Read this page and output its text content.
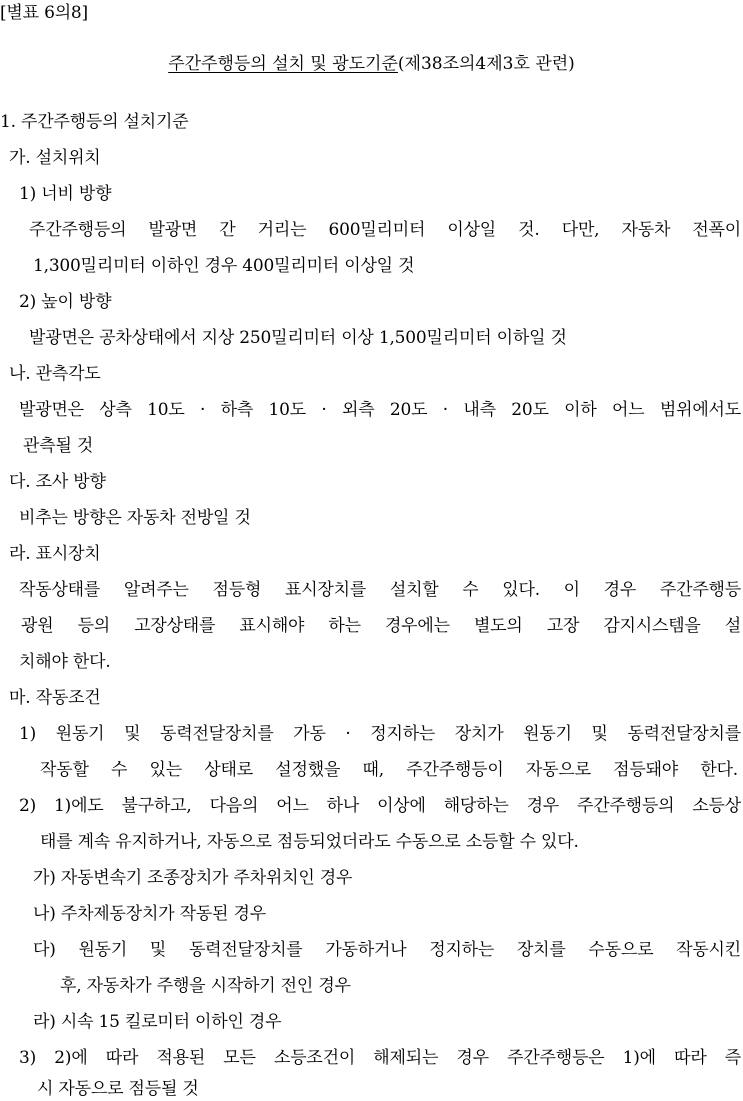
[별표 6의8]
주간주행등의 설치 및 광도기준(제38조의4제3호 관련)
1. 주간주행등의 설치기준
가. 설치위치
1) 너비 방향
주간주행등의 발광면 간 거리는 600밀리미터 이상일 것. 다만, 자동차 전폭이
1,300밀리미터 이하인 경우 400밀리미터 이상일 것
2) 높이 방향
발광면은 공차상태에서 지상 250밀리미터 이상 1,500밀리미터 이하일 것
나. 관측각도
발광면은 상측 10도 · 하측 10도 · 외측 20도 · 내측 20도 이하 어느 범위에서도
관측될 것
다. 조사 방향
비추는 방향은 자동차 전방일 것
라. 표시장치
작동상태를 알려주는 점등형 표시장치를 설치할 수 있다. 이 경우 주간주행등
광원 등의 고장상태를 표시해야 하는 경우에는 별도의 고장 감지시스템을 설
치해야 한다.
마. 작동조건
1) 원동기 및 동력전달장치를 가동 · 정지하는 장치가 원동기 및 동력전달장치를
작동할 수 있는 상태로 설정했을 때, 주간주행등이 자동으로 점등돼야 한다.
2) 1)에도 불구하고, 다음의 어느 하나 이상에 해당하는 경우 주간주행등의 소등상
태를 계속 유지하거나, 자동으로 점등되었더라도 수동으로 소등할 수 있다.
가) 자동변속기 조종장치가 주차위치인 경우
나) 주차제동장치가 작동된 경우
다) 원동기 및 동력전달장치를 가동하거나 정지하는 장치를 수동으로 작동시킨
후, 자동차가 주행을 시작하기 전인 경우
라) 시속 15 킬로미터 이하인 경우
3) 2)에 따라 적용된 모든 소등조건이 해제되는 경우 주간주행등은 1)에 따라 즉
시 자동으로 점등될 것
